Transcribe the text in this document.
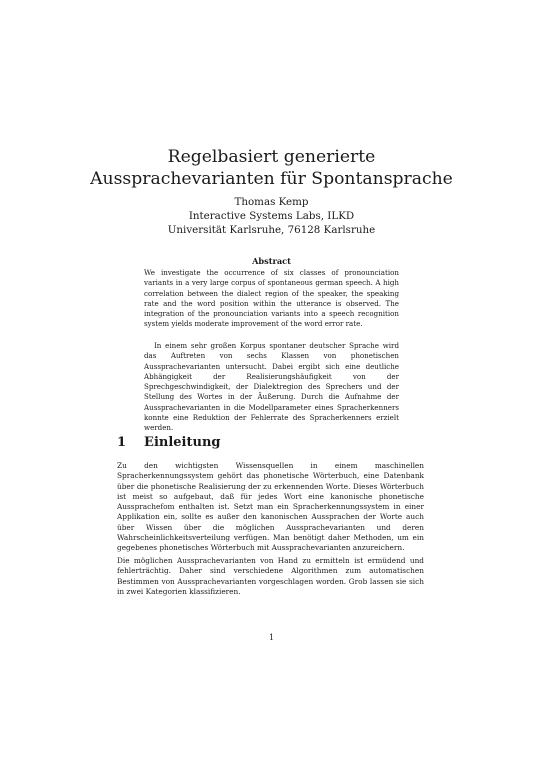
Regelbasiert generierte Aussprachevarianten für Spontansprache
Thomas Kemp
Interactive Systems Labs, ILKD
Universität Karlsruhe, 76128 Karlsruhe
Abstract

We investigate the occurrence of six classes of pronounciation variants in a very large corpus of spontaneous german speech. A high correlation between the dialect region of the speaker, the speaking rate and the word position within the utterance is observed. The integration of the pronounciation variants into a speech recognition system yields moderate improvement of the word error rate.

In einem sehr großen Korpus spontaner deutscher Sprache wird das Auftreten von sechs Klassen von phonetischen Aussprachevarianten untersucht. Dabei ergibt sich eine deutliche Abhängigkeit der Realisierungshäufigkeit von der Sprechgeschwindigkeit, der Dialektregion des Sprechers und der Stellung des Wortes in der Äußerung. Durch die Aufnahme der Aussprachevarianten in die Modellparameter eines Spracherkenners konnte eine Reduktion der Fehlerrate des Spracherkenners erzielt werden.

1 Einleitung

Zu den wichtigsten Wissensquellen in einem maschinellen Spracherkennungssystem gehört das phonetische Wörterbuch, eine Datenbank über die phonetische Realisierung der zu erkennenden Worte. Dieses Wörterbuch ist meist so aufgebaut, daß für jedes Wort eine kanonische phonetische Aussprachefom enthalten ist. Setzt man ein Spracherkennungssystem in einer Applikation ein, sollte es außer den kanonischen Aussprachen der Worte auch über Wissen über die möglichen Aussprachevarianten und deren Wahrscheinlichkeitsverteilung verfügen. Man benötigt daher Methoden, um ein gegebenes phonetisches Wörterbuch mit Aussprachevarianten anzureichern.

Die möglichen Aussprachevarianten von Hand zu ermitteln ist ermüdend und fehlerträchtig. Daher sind verschiedene Algorithmen zum automatischen Bestimmen von Aussprachevarianten vorgeschlagen worden. Grob lassen sie sich in zwei Kategorien klassifizieren.

1
